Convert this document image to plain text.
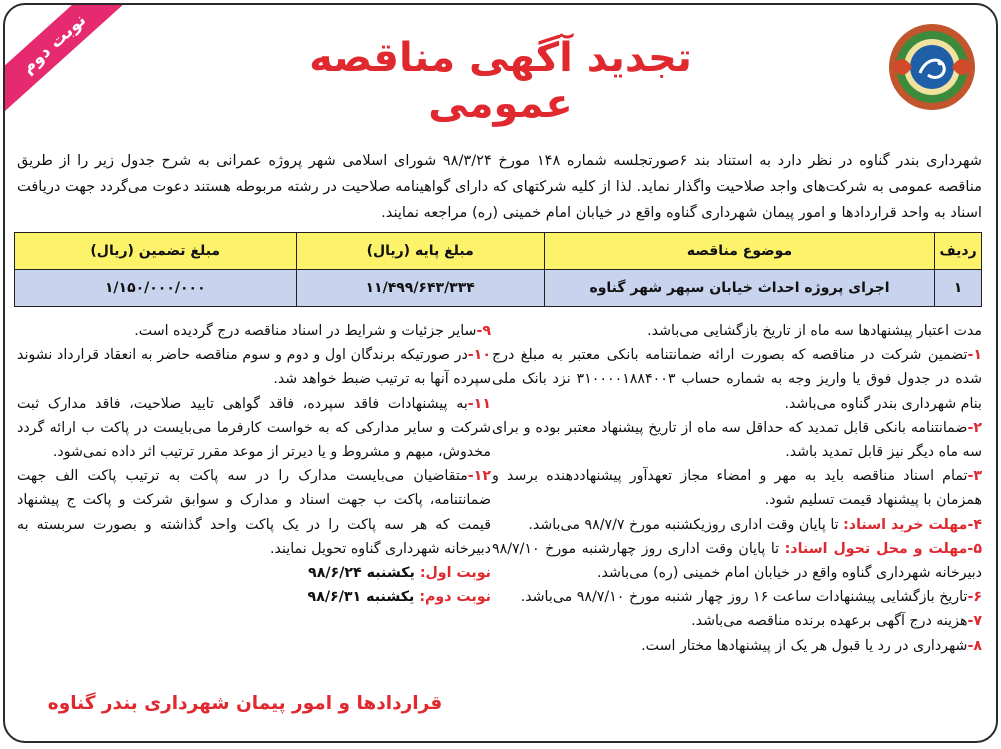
نوبت دوم	تجدید آگهی مناقصه عمومی

شهرداری بندر گناوه در نظر دارد به استناد بند ۶صورتجلسه شماره ۱۴۸ مورخ ۹۸/۳/۲۴ شورای اسلامی شهر پروژه عمرانی به شرح جدول زیر را از طریق مناقصه عمومی به شرکت‌های واجد صلاحیت واگذار نماید. لذا از کلیه شرکتهای که دارای گواهینامه صلاحیت در رشته مربوطه هستند دعوت می‌گردد جهت دریافت اسناد به واحد قراردادها و امور پیمان شهرداری گناوه واقع در خیابان امام خمینی (ره) مراجعه نمایند.

ردیف	موضوع مناقصه	مبلغ پایه (ریال)	مبلغ تضمین (ریال)
۱	اجرای پروژه احداث خیابان سپهر شهر گناوه	۱۱/۴۹۹/۶۴۳/۳۳۴	۱/۱۵۰/۰۰۰/۰۰۰

مدت اعتبار پیشنهادها سه ماه از تاریخ بازگشایی می‌باشد.

۱-تضمین شرکت در مناقصه که بصورت ارائه ضمانتنامه بانکی معتبر به مبلغ درج شده در جدول فوق یا واریز وجه به شماره حساب ۳۱۰۰۰۰۱۸۸۴۰۰۳ نزد بانک ملی بنام شهرداری بندر گناوه می‌باشد.

۲-ضمانتنامه بانکی قابل تمدید که حداقل سه ماه از تاریخ پیشنهاد معتبر بوده و برای سه ماه دیگر نیز قابل تمدید باشد.

۳-تمام اسناد مناقصه باید به مهر و امضاء مجاز تعهدآور پیشنهاددهنده برسد و همزمان با پیشنهاد قیمت تسلیم شود.

۴-مهلت خرید اسناد: تا پایان وقت اداری روزیکشنبه مورخ ۹۸/۷/۷ می‌باشد.

۵-مهلت و محل تحول اسناد: تا پایان وقت اداری روز چهارشنبه مورخ ۹۸/۷/۱۰ دبیرخانه شهرداری گناوه واقع در خیابان امام خمینی (ره) می‌باشد.

۶-تاریخ بازگشایی پیشنهادات ساعت ۱۶ روز چهار شنبه مورخ ۹۸/۷/۱۰ می‌باشد.

۷-هزینه درج آگهی برعهده برنده مناقصه می‌باشد.

۸-شهرداری در رد یا قبول هر یک از پیشنهادها مختار است.

۹-سایر جزئیات و شرایط در اسناد مناقصه درج گردیده است.

۱۰-در صورتیکه برندگان اول و دوم و سوم مناقصه حاضر به انعقاد قرارداد نشوند سپرده آنها به ترتیب ضبط خواهد شد.

۱۱-به پیشنهادات فاقد سپرده، فاقد گواهی تایید صلاحیت، فاقد مدارک ثبت شرکت و سایر مدارکی که به خواست کارفرما می‌بایست در پاکت ب ارائه گردد مخدوش، مبهم و مشروط و یا دیرتر از موعد مقرر ترتیب اثر داده نمی‌شود.

۱۲-متقاضیان می‌بایست مدارک را در سه پاکت به ترتیب پاکت الف جهت ضمانتنامه، پاکت ب جهت اسناد و مدارک و سوابق شرکت و پاکت ج پیشنهاد قیمت که هر سه پاکت را در یک پاکت واحد گذاشته و بصورت سربسته به دبیرخانه شهرداری گناوه تحویل نمایند.

نوبت اول: یکشنبه ۹۸/۶/۲۴

نوبت دوم: یکشنبه ۹۸/۶/۳۱

قراردادها و امور پیمان شهرداری بندر گناوه
